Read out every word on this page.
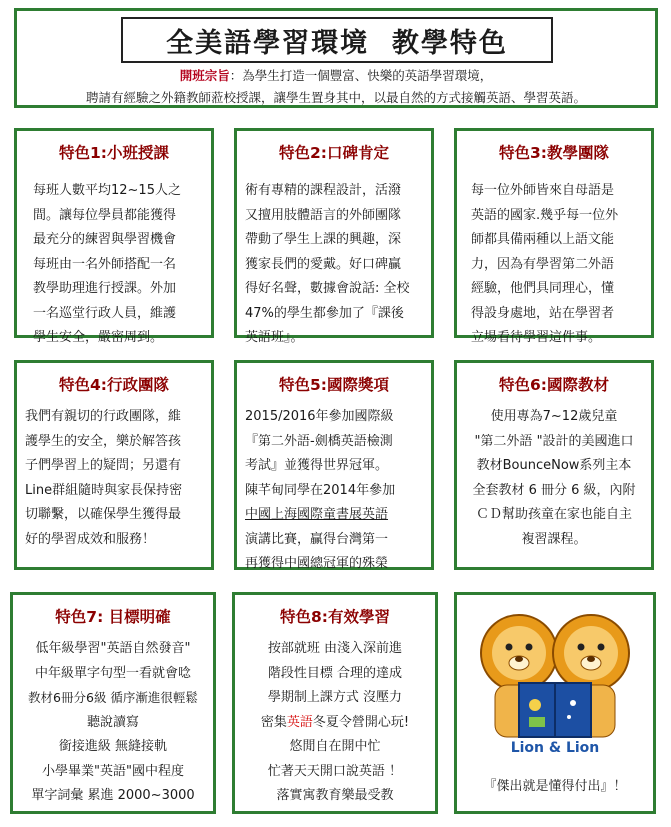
全美語學習環境  教學特色
開班宗旨：為學生打造一個豐富、快樂的英語學習環境，
聘請有經驗之外籍教師蒞校授課，讓學生置身其中，以最自然的方式接觸英語、學習英語。
特色1:小班授課
每班人數平均12~15人之
間。讓每位學員都能獲得
最充分的練習與學習機會
每班由一名外師搭配一名
教學助理進行授課。外加
一名巡堂行政人員，維護
學生安全，嚴密周到。
特色2:口碑肯定
術有專精的課程設計，活潑
又擅用肢體語言的外師團隊
帶動了學生上課的興趣，深
獲家長們的愛戴。好口碑贏
得好名聲，數據會說話: 全校
47%的學生都參加了『課後
英語班』。
特色3:教學團隊
每一位外師皆來自母語是
英語的國家.幾乎每一位外
師都具備兩種以上語文能
力，因為有學習第二外語
經驗，他們具同理心，懂
得設身處地，站在學習者
立場看待學習這件事。
特色4:行政團隊
我們有親切的行政團隊，維
護學生的安全，樂於解答孩
子們學習上的疑問；另還有
Line群組隨時與家長保持密
切聯繫，以確保學生獲得最
好的學習成效和服務！
特色5:國際獎項
2015/2016年參加國際級
『第二外語-劍橋英語檢測
考試』並獲得世界冠軍。
陳芊甸同學在2014年參加
中國上海國際童書展英語
演講比賽，贏得台灣第一
再獲得中國總冠軍的殊榮
特色6:國際教材
使用專為7~12歲兒童
"第二外語 "設計的美國進口
教材BounceNow系列主本
全套教材 6 冊分 6 級，內附
ＣＤ幫助孩童在家也能自主
複習課程。
特色7: 目標明確
低年級學習"英語自然發音"
中年級單字句型一看就會唸
教材6冊分6級 循序漸進很輕鬆
聽說讀寫
銜接進級 無縫接軌
小學畢業"英語"國中程度
單字詞彙 累進 2000~3000
特色8:有效學習
按部就班 由淺入深前進
階段性目標 合理的達成
學期制上課方式 沒壓力
密集英語冬夏令營開心玩!
悠閒自在開中忙
忙著天天開口說英語 ！
落實寓教育樂最受教
Lion & Lion
『傑出就是懂得付出』！
